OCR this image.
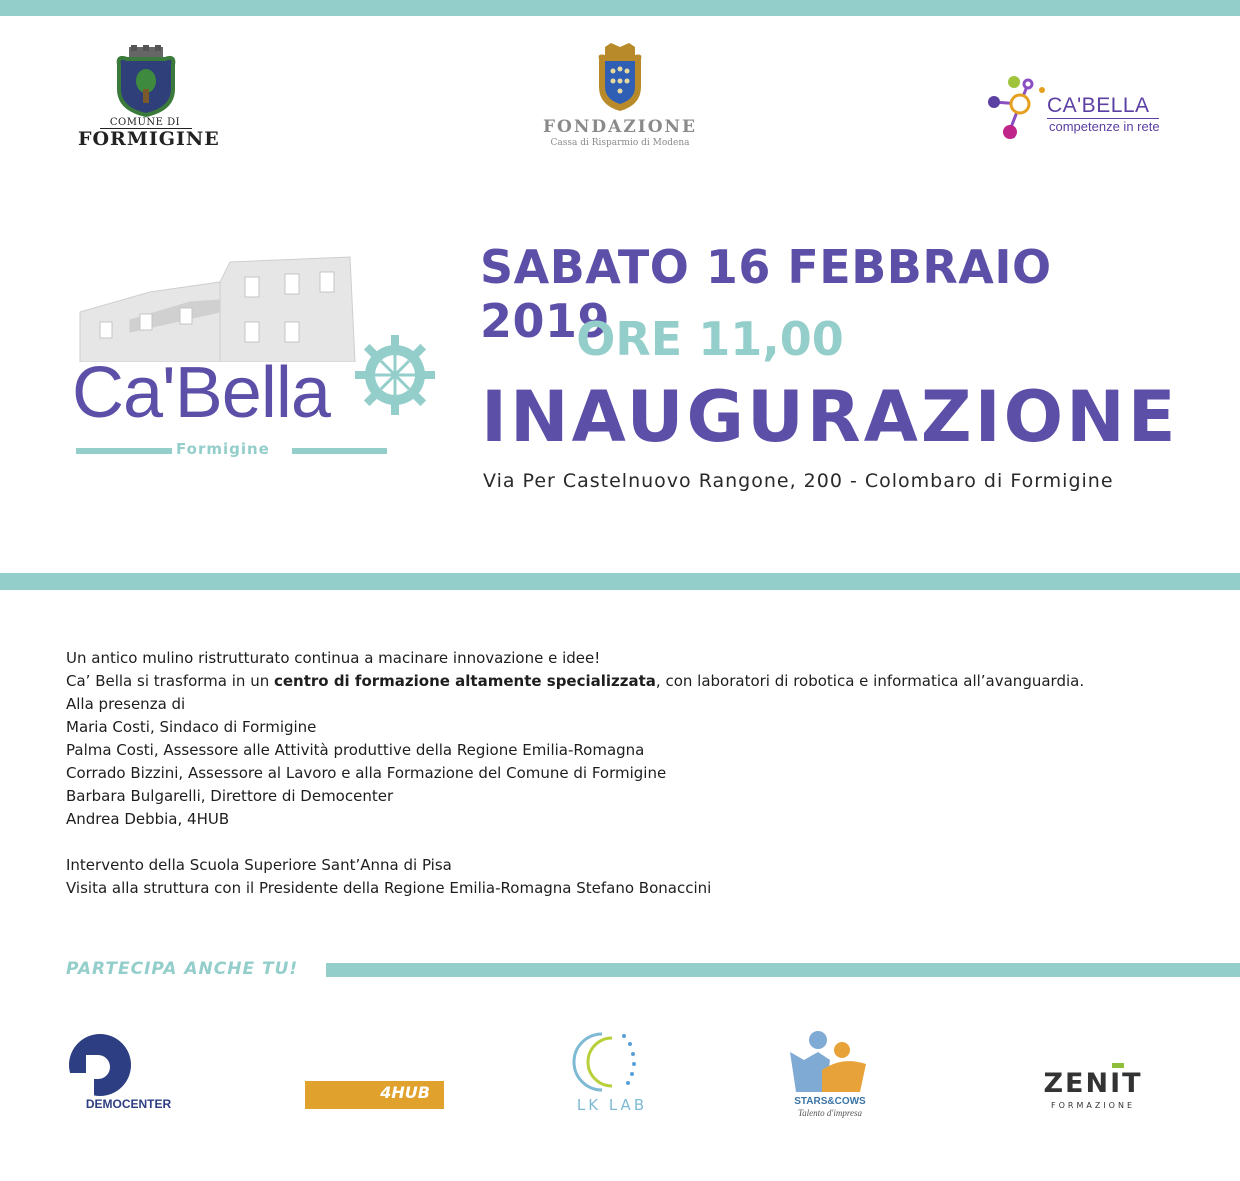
COMUNE DI
FORMIGINE
FONDAZIONE
Cassa di Risparmio di Modena
CA'BELLA
competenze in rete
Ca'Bella
Formigine
SABATO 16 FEBBRAIO 2019
ORE 11,00
INAUGURAZIONE
Via Per Castelnuovo Rangone, 200 - Colombaro di Formigine
Un antico mulino ristrutturato continua a macinare innovazione e idee!
Ca’ Bella si trasforma in un centro di formazione altamente specializzata, con laboratori di robotica e informatica all’avanguardia.
Alla presenza di
Maria Costi, Sindaco di Formigine
Palma Costi, Assessore alle Attività produttive della Regione Emilia-Romagna
Corrado Bizzini, Assessore al Lavoro e alla Formazione del Comune di Formigine
Barbara Bulgarelli, Direttore di Democenter
Andrea Debbia, 4HUB
Intervento della Scuola Superiore Sant’Anna di Pisa
Visita alla struttura con il Presidente della Regione Emilia-Romagna Stefano Bonaccini
PARTECIPA ANCHE TU!
DEMOCENTER
4HUB
LK LAB	STARS&COWS
Talento d'impresa
ZENIT
FORMAZIONE
